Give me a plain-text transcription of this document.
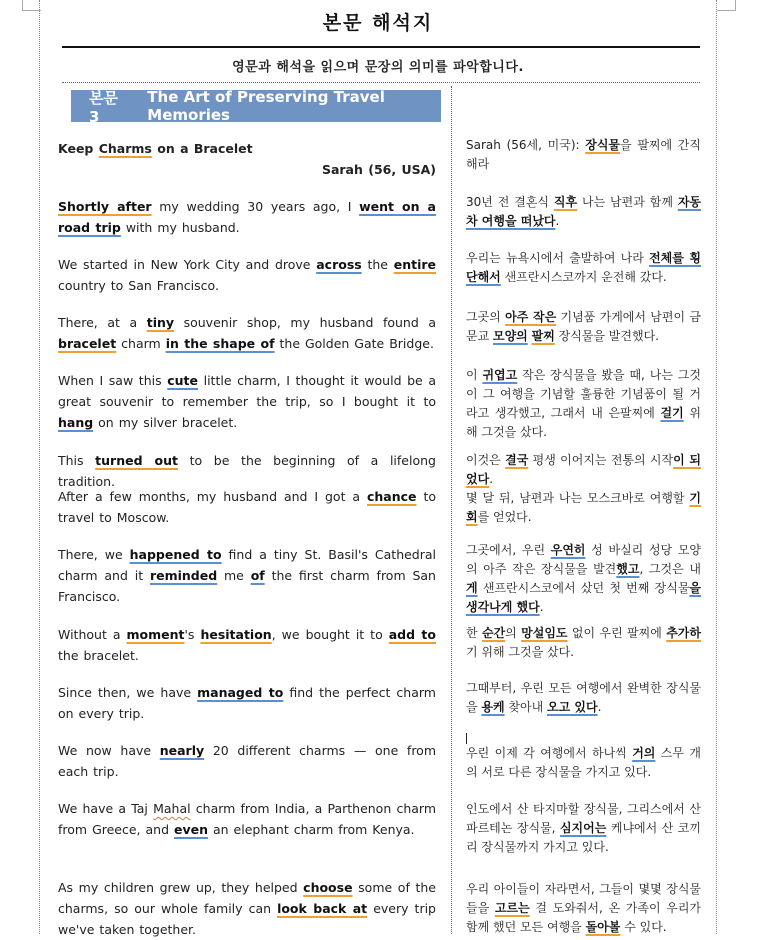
본문 해석지
영문과 해석을 읽으며 문장의 의미를 파악합니다.
본문 3
The Art of Preserving Travel Memories
Keep Charms on a Bracelet
Sarah (56, USA)
Shortly after my wedding 30 years ago, I went on a road trip with my husband.
We started in New York City and drove across the entire country to San Francisco.
There, at a tiny souvenir shop, my husband found a bracelet charm in the shape of the Golden Gate Bridge.
When I saw this cute little charm, I thought it would be a great souvenir to remember the trip, so I bought it to hang on my silver bracelet.
This turned out to be the beginning of a lifelong tradition.
After a few months, my husband and I got a chance to travel to Moscow.
There, we happened to find a tiny St. Basil's Cathedral charm and it reminded me of the first charm from San Francisco.
Without a moment's hesitation, we bought it to add to the bracelet.
Since then, we have managed to find the perfect charm on every trip.
We now have nearly 20 different charms — one from each trip.
We have a Taj Mahal charm from India, a Parthenon charm from Greece, and even an elephant charm from Kenya.
As my children grew up, they helped choose some of the charms, so our whole family can look back at every trip we've taken together.
Sarah (56세, 미국): 장식물을 팔찌에 간직해라
30년 전 결혼식 직후 나는 남편과 함께 자동차 여행을 떠났다.
우리는 뉴욕시에서 출발하여 나라 전체를 횡단해서 샌프란시스코까지 운전해 갔다.
그곳의 아주 작은 기념품 가게에서 남편이 금문교 모양의 팔찌 장식물을 발견했다.
이 귀엽고 작은 장식물을 봤을 때, 나는 그것이 그 여행을 기념할 훌륭한 기념품이 될 거라고 생각했고, 그래서 내 은팔찌에 걸기 위해 그것을 샀다.
이것은 결국 평생 이어지는 전통의 시작이 되었다.
몇 달 뒤, 남편과 나는 모스크바로 여행할 기회를 얻었다.
그곳에서, 우린 우연히 성 바실리 성당 모양의 아주 작은 장식물을 발견했고, 그것은 내게 샌프란시스코에서 샀던 첫 번째 장식물을 생각나게 했다.
한 순간의 망설임도 없이 우린 팔찌에 추가하기 위해 그것을 샀다.
그때부터, 우린 모든 여행에서 완벽한 장식물을 용케 찾아내 오고 있다.
우린 이제 각 여행에서 하나씩 거의 스무 개의 서로 다른 장식물을 가지고 있다.
인도에서 산 타지마할 장식물, 그리스에서 산 파르테논 장식물, 심지어는 케냐에서 산 코끼리 장식물까지 가지고 있다.
우리 아이들이 자라면서, 그들이 몇몇 장식물들을 고르는 걸 도와줘서, 온 가족이 우리가 함께 했던 모든 여행을 돌아볼 수 있다.
